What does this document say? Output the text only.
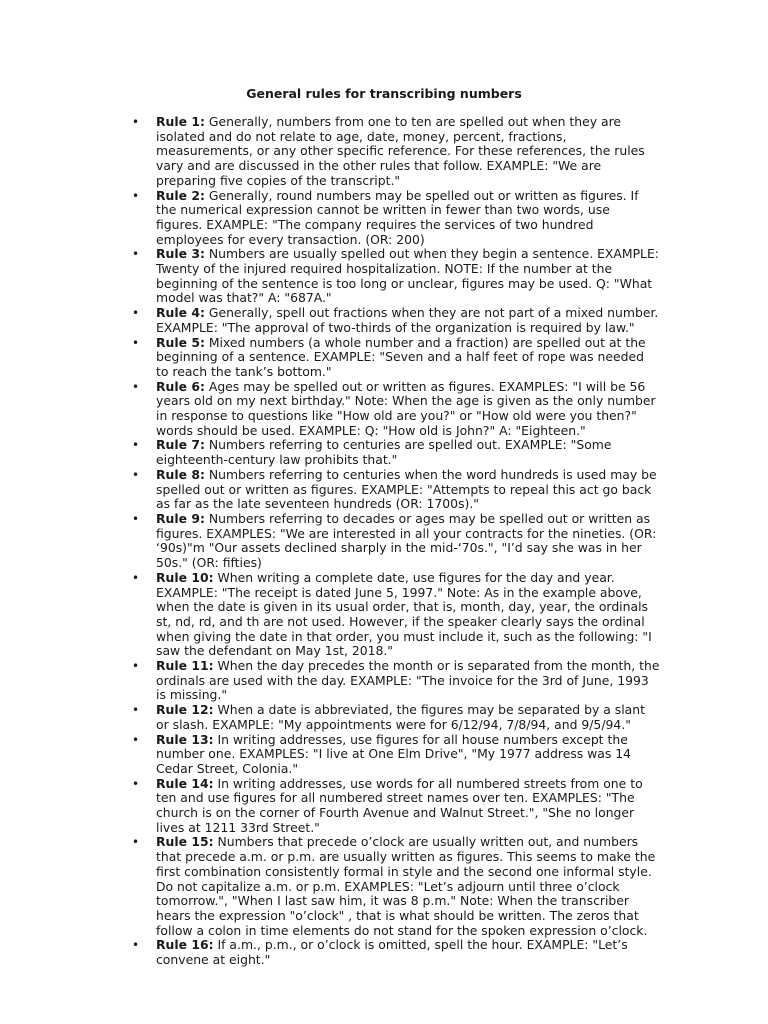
General rules for transcribing numbers
• Rule 1: Generally, numbers from one to ten are spelled out when they are isolated and do not relate to age, date, money, percent, fractions, measurements, or any other specific reference. For these references, the rules vary and are discussed in the other rules that follow. EXAMPLE: "We are preparing five copies of the transcript."
• Rule 2: Generally, round numbers may be spelled out or written as figures. If the numerical expression cannot be written in fewer than two words, use figures. EXAMPLE: "The company requires the services of two hundred employees for every transaction. (OR: 200)
• Rule 3: Numbers are usually spelled out when they begin a sentence. EXAMPLE: Twenty of the injured required hospitalization. NOTE: If the number at the beginning of the sentence is too long or unclear, figures may be used. Q: "What model was that?" A: "687A."
• Rule 4: Generally, spell out fractions when they are not part of a mixed number. EXAMPLE: "The approval of two-thirds of the organization is required by law."
• Rule 5: Mixed numbers (a whole number and a fraction) are spelled out at the beginning of a sentence. EXAMPLE: "Seven and a half feet of rope was needed to reach the tank’s bottom."
• Rule 6: Ages may be spelled out or written as figures. EXAMPLES: "I will be 56 years old on my next birthday." Note: When the age is given as the only number in response to questions like "How old are you?" or "How old were you then?" words should be used. EXAMPLE: Q: "How old is John?" A: "Eighteen."
• Rule 7: Numbers referring to centuries are spelled out. EXAMPLE: "Some eighteenth-century law prohibits that."
• Rule 8: Numbers referring to centuries when the word hundreds is used may be spelled out or written as figures. EXAMPLE: "Attempts to repeal this act go back as far as the late seventeen hundreds (OR: 1700s)."
• Rule 9: Numbers referring to decades or ages may be spelled out or written as figures. EXAMPLES: "We are interested in all your contracts for the nineties. (OR: ‘90s)"m "Our assets declined sharply in the mid-‘70s.", "I’d say she was in her 50s." (OR: fifties)
• Rule 10: When writing a complete date, use figures for the day and year. EXAMPLE: "The receipt is dated June 5, 1997." Note: As in the example above, when the date is given in its usual order, that is, month, day, year, the ordinals st, nd, rd, and th are not used. However, if the speaker clearly says the ordinal when giving the date in that order, you must include it, such as the following: "I saw the defendant on May 1st, 2018."
• Rule 11: When the day precedes the month or is separated from the month, the ordinals are used with the day. EXAMPLE: "The invoice for the 3rd of June, 1993 is missing."
• Rule 12: When a date is abbreviated, the figures may be separated by a slant or slash. EXAMPLE: "My appointments were for 6/12/94, 7/8/94, and 9/5/94."
• Rule 13: In writing addresses, use figures for all house numbers except the number one. EXAMPLES: "I live at One Elm Drive", "My 1977 address was 14 Cedar Street, Colonia."
• Rule 14: In writing addresses, use words for all numbered streets from one to ten and use figures for all numbered street names over ten. EXAMPLES: "The church is on the corner of Fourth Avenue and Walnut Street.", "She no longer lives at 1211 33rd Street."
• Rule 15: Numbers that precede o’clock are usually written out, and numbers that precede a.m. or p.m. are usually written as figures. This seems to make the first combination consistently formal in style and the second one informal style. Do not capitalize a.m. or p.m. EXAMPLES: "Let’s adjourn until three o’clock tomorrow.", "When I last saw him, it was 8 p.m." Note: When the transcriber hears the expression "o’clock" , that is what should be written. The zeros that follow a colon in time elements do not stand for the spoken expression o’clock.
• Rule 16: If a.m., p.m., or o’clock is omitted, spell the hour. EXAMPLE: "Let’s convene at eight."
